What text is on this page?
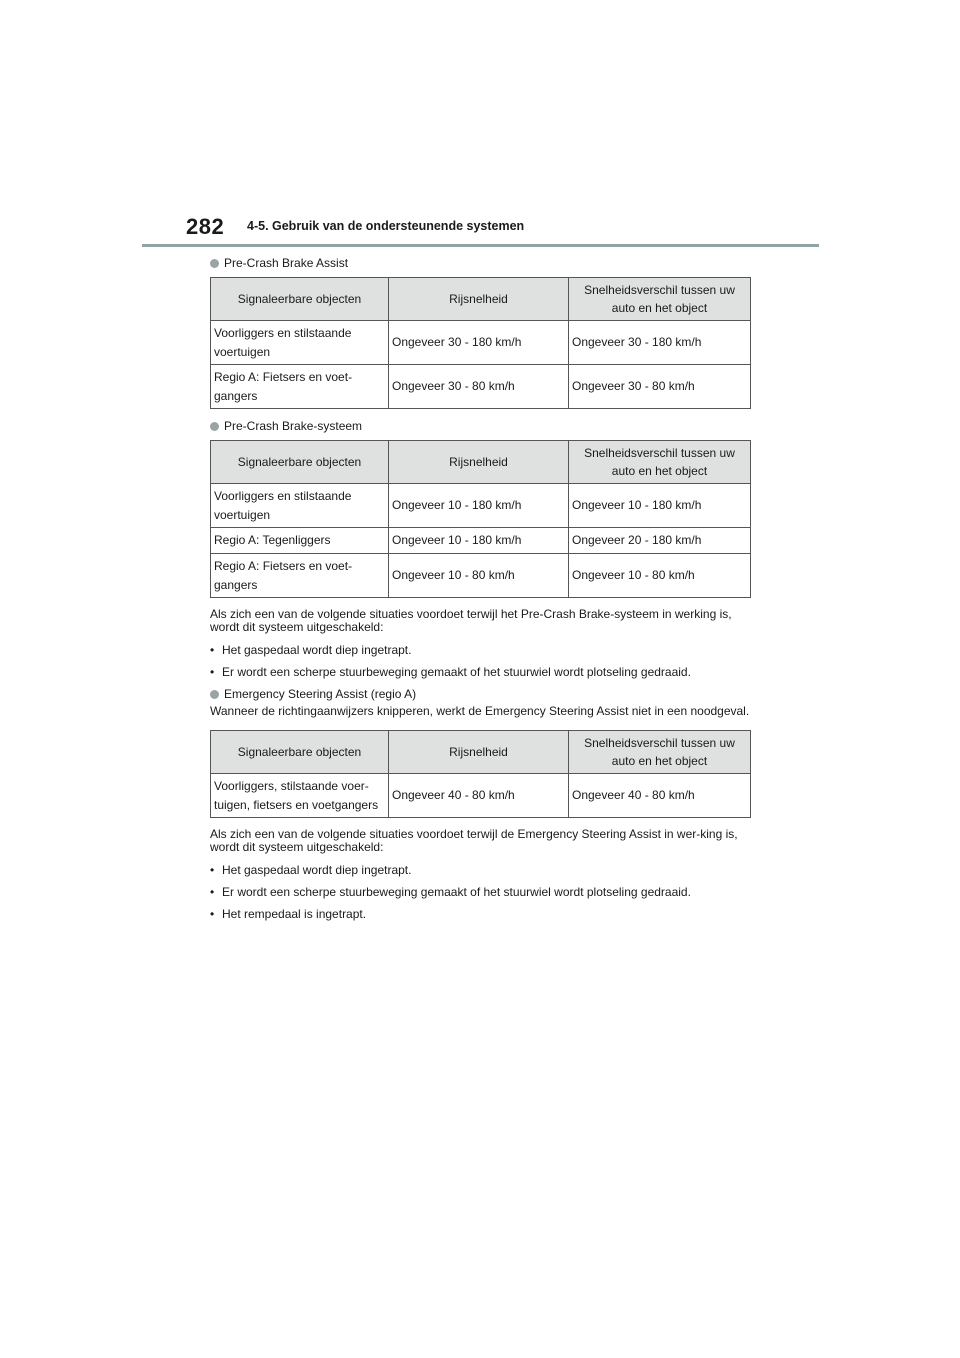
282 4-5. Gebruik van de ondersteunende systemen
Pre-Crash Brake Assist
Signaleerbare objecten	Rijsnelheid	Snelheidsverschil tussen uw auto en het object
Voorliggers en stilstaande voertuigen	Ongeveer 30 - 180 km/h	Ongeveer 30 - 180 km/h
Regio A: Fietsers en voet-gangers	Ongeveer 30 - 80 km/h	Ongeveer 30 - 80 km/h
Pre-Crash Brake-systeem
Signaleerbare objecten	Rijsnelheid	Snelheidsverschil tussen uw auto en het object
Voorliggers en stilstaande voertuigen	Ongeveer 10 - 180 km/h	Ongeveer 10 - 180 km/h
Regio A: Tegenliggers	Ongeveer 10 - 180 km/h	Ongeveer 20 - 180 km/h
Regio A: Fietsers en voet-gangers	Ongeveer 10 - 80 km/h	Ongeveer 10 - 80 km/h

Als zich een van de volgende situaties voordoet terwijl het Pre-Crash Brake-systeem in werking is, wordt dit systeem uitgeschakeld:

• Het gaspedaal wordt diep ingetrapt.
• Er wordt een scherpe stuurbeweging gemaakt of het stuurwiel wordt plotseling gedraaid.
Emergency Steering Assist (regio A)

Wanneer de richtingaanwijzers knipperen, werkt de Emergency Steering Assist niet in een noodgeval.

Signaleerbare objecten	Rijsnelheid	Snelheidsverschil tussen uw auto en het object
Voorliggers, stilstaande voer-tuigen, fietsers en voetgangers	Ongeveer 40 - 80 km/h	Ongeveer 40 - 80 km/h

Als zich een van de volgende situaties voordoet terwijl de Emergency Steering Assist in wer-king is, wordt dit systeem uitgeschakeld:

• Het gaspedaal wordt diep ingetrapt.
• Er wordt een scherpe stuurbeweging gemaakt of het stuurwiel wordt plotseling gedraaid.
• Het rempedaal is ingetrapt.
